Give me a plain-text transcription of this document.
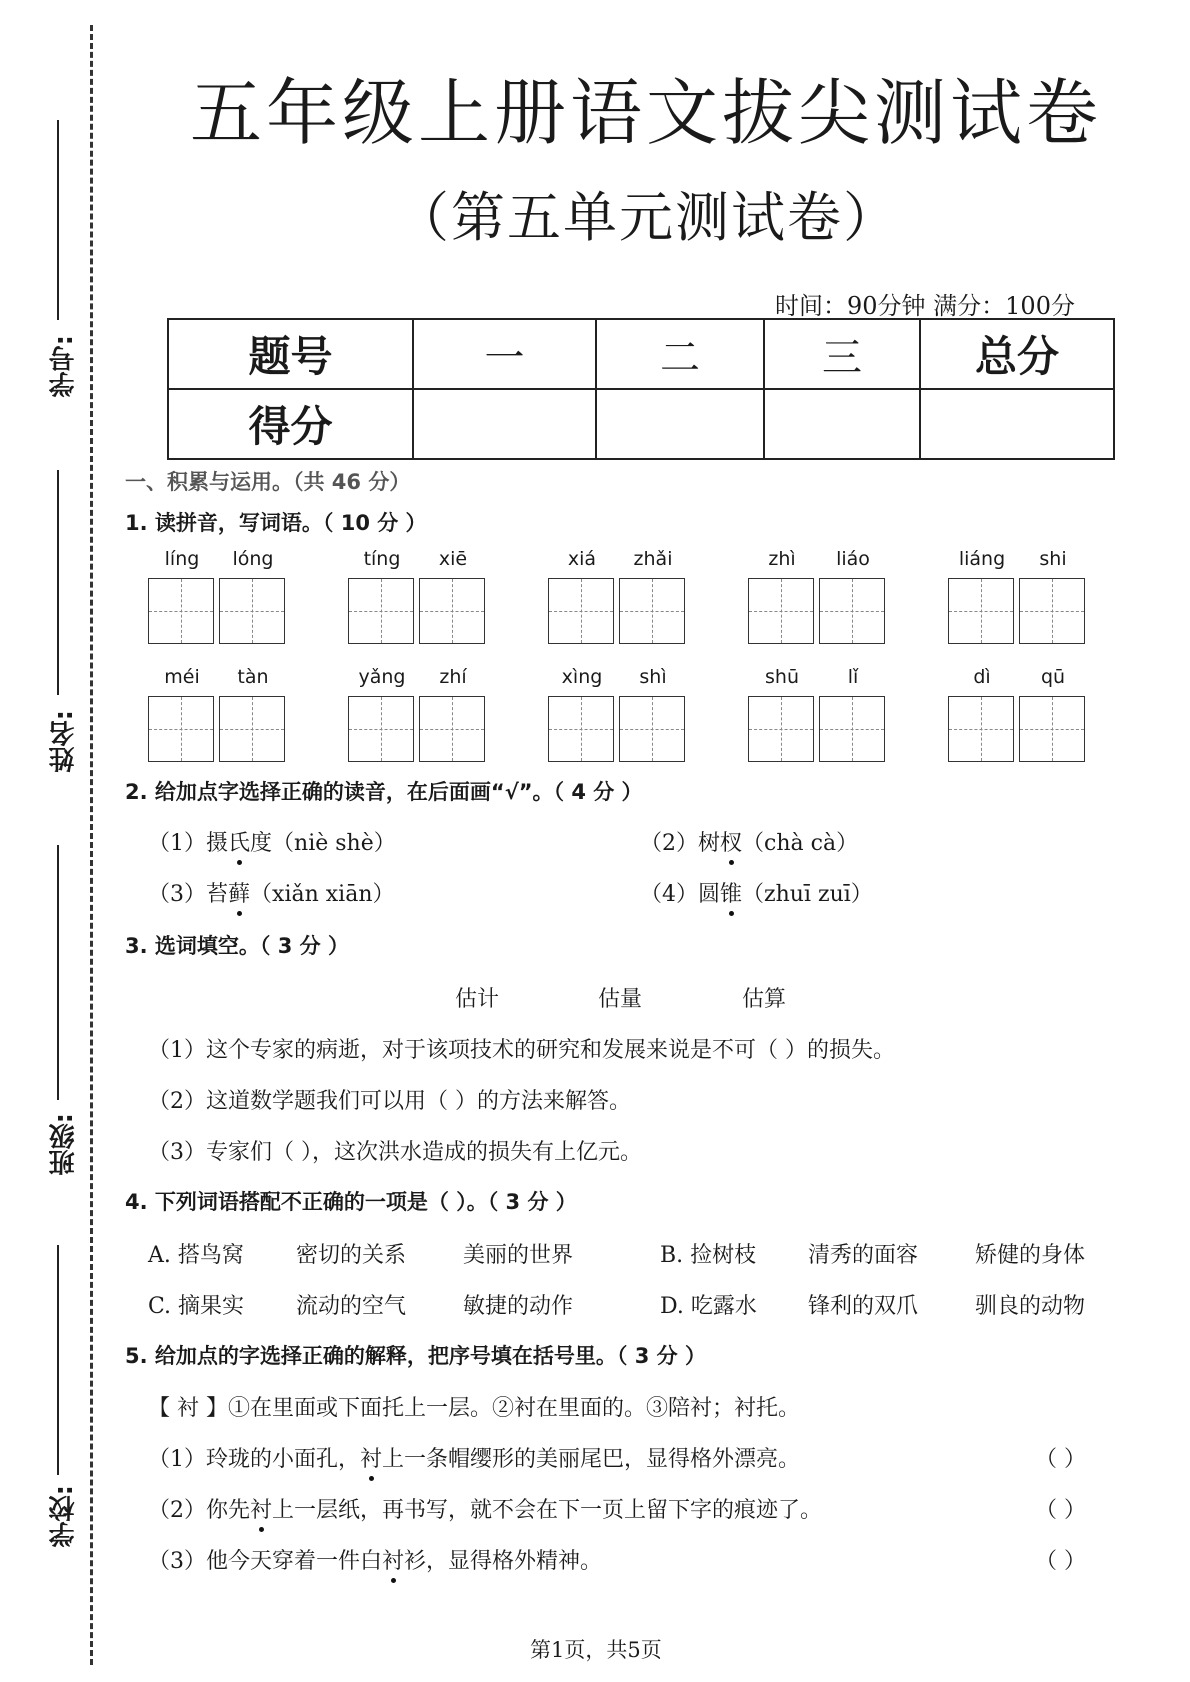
学号:
姓名:
班级:
学校:
五年级上册语文拔尖测试卷
（第五单元测试卷）
时间：90分钟 满分：100分
题号	一	二	三	总分
得分				
一、积累与运用。（共 46 分）
1. 读拼音，写词语。（ 10 分 ）
líng	lóng	tíng	xiē	xiá	zhǎi	zhì	liáo	liáng	shi
méi	tàn	yǎng	zhí	xìng	shì	shū	lǐ	dì	qū
2. 给加点字选择正确的读音，在后面画“√”。（ 4 分 ）
（1）摄氏度（niè shè）	（2）树杈（chà cà）
（3）苔藓（xiǎn xiān）	（4）圆锥（zhuī zuī）
3. 选词填空。（ 3 分 ）
估计	估量	估算
（1）这个专家的病逝，对于该项技术的研究和发展来说是不可（ ）的损失。
（2）这道数学题我们可以用（ ）的方法来解答。
（3）专家们（ ），这次洪水造成的损失有上亿元。
4. 下列词语搭配不正确的一项是（ ）。（ 3 分 ）
A. 搭鸟窝 密切的关系	美丽的世界	B. 捡树枝 清秀的面容	矫健的身体
C. 摘果实 流动的空气	敏捷的动作	D. 吃露水 锋利的双爪	驯良的动物
5. 给加点的字选择正确的解释，把序号填在括号里。（ 3 分 ）
【 衬 】①在里面或下面托上一层。②衬在里面的。③陪衬；衬托。
（1）玲珑的小面孔，衬上一条帽缨形的美丽尾巴，显得格外漂亮。	（ ）
（2）你先衬上一层纸，再书写，就不会在下一页上留下字的痕迹了。	（ ）
（3）他今天穿着一件白衬衫，显得格外精神。	（ ）
第1页，共5页
